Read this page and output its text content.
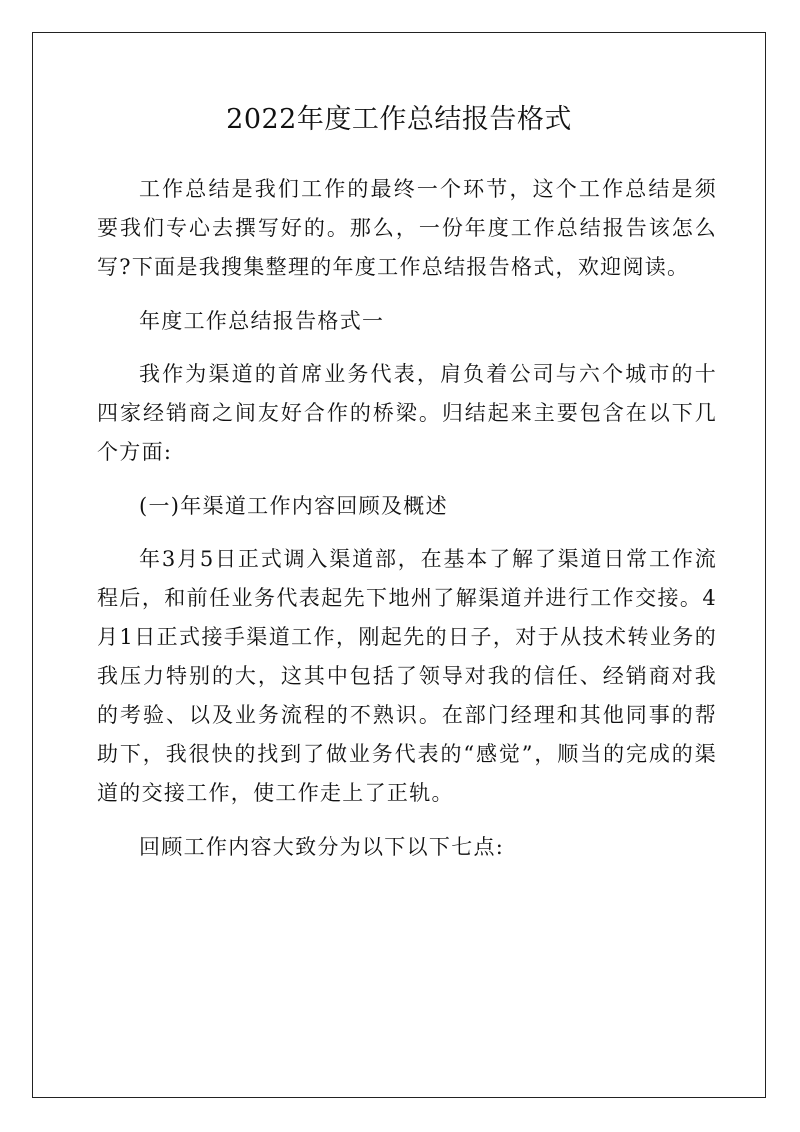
2022年度工作总结报告格式

工作总结是我们工作的最终一个环节，这个工作总结是须要我们专心去撰写好的。那么，一份年度工作总结报告该怎么写?下面是我搜集整理的年度工作总结报告格式，欢迎阅读。

年度工作总结报告格式一

我作为渠道的首席业务代表，肩负着公司与六个城市的十四家经销商之间友好合作的桥梁。归结起来主要包含在以下几个方面:

(一)年渠道工作内容回顾及概述

年3月5日正式调入渠道部，在基本了解了渠道日常工作流程后，和前任业务代表起先下地州了解渠道并进行工作交接。4月1日正式接手渠道工作，刚起先的日子，对于从技术转业务的我压力特别的大，这其中包括了领导对我的信任、经销商对我的考验、以及业务流程的不熟识。在部门经理和其他同事的帮助下，我很快的找到了做业务代表的“感觉”，顺当的完成的渠道的交接工作，使工作走上了正轨。

回顾工作内容大致分为以下以下七点:
